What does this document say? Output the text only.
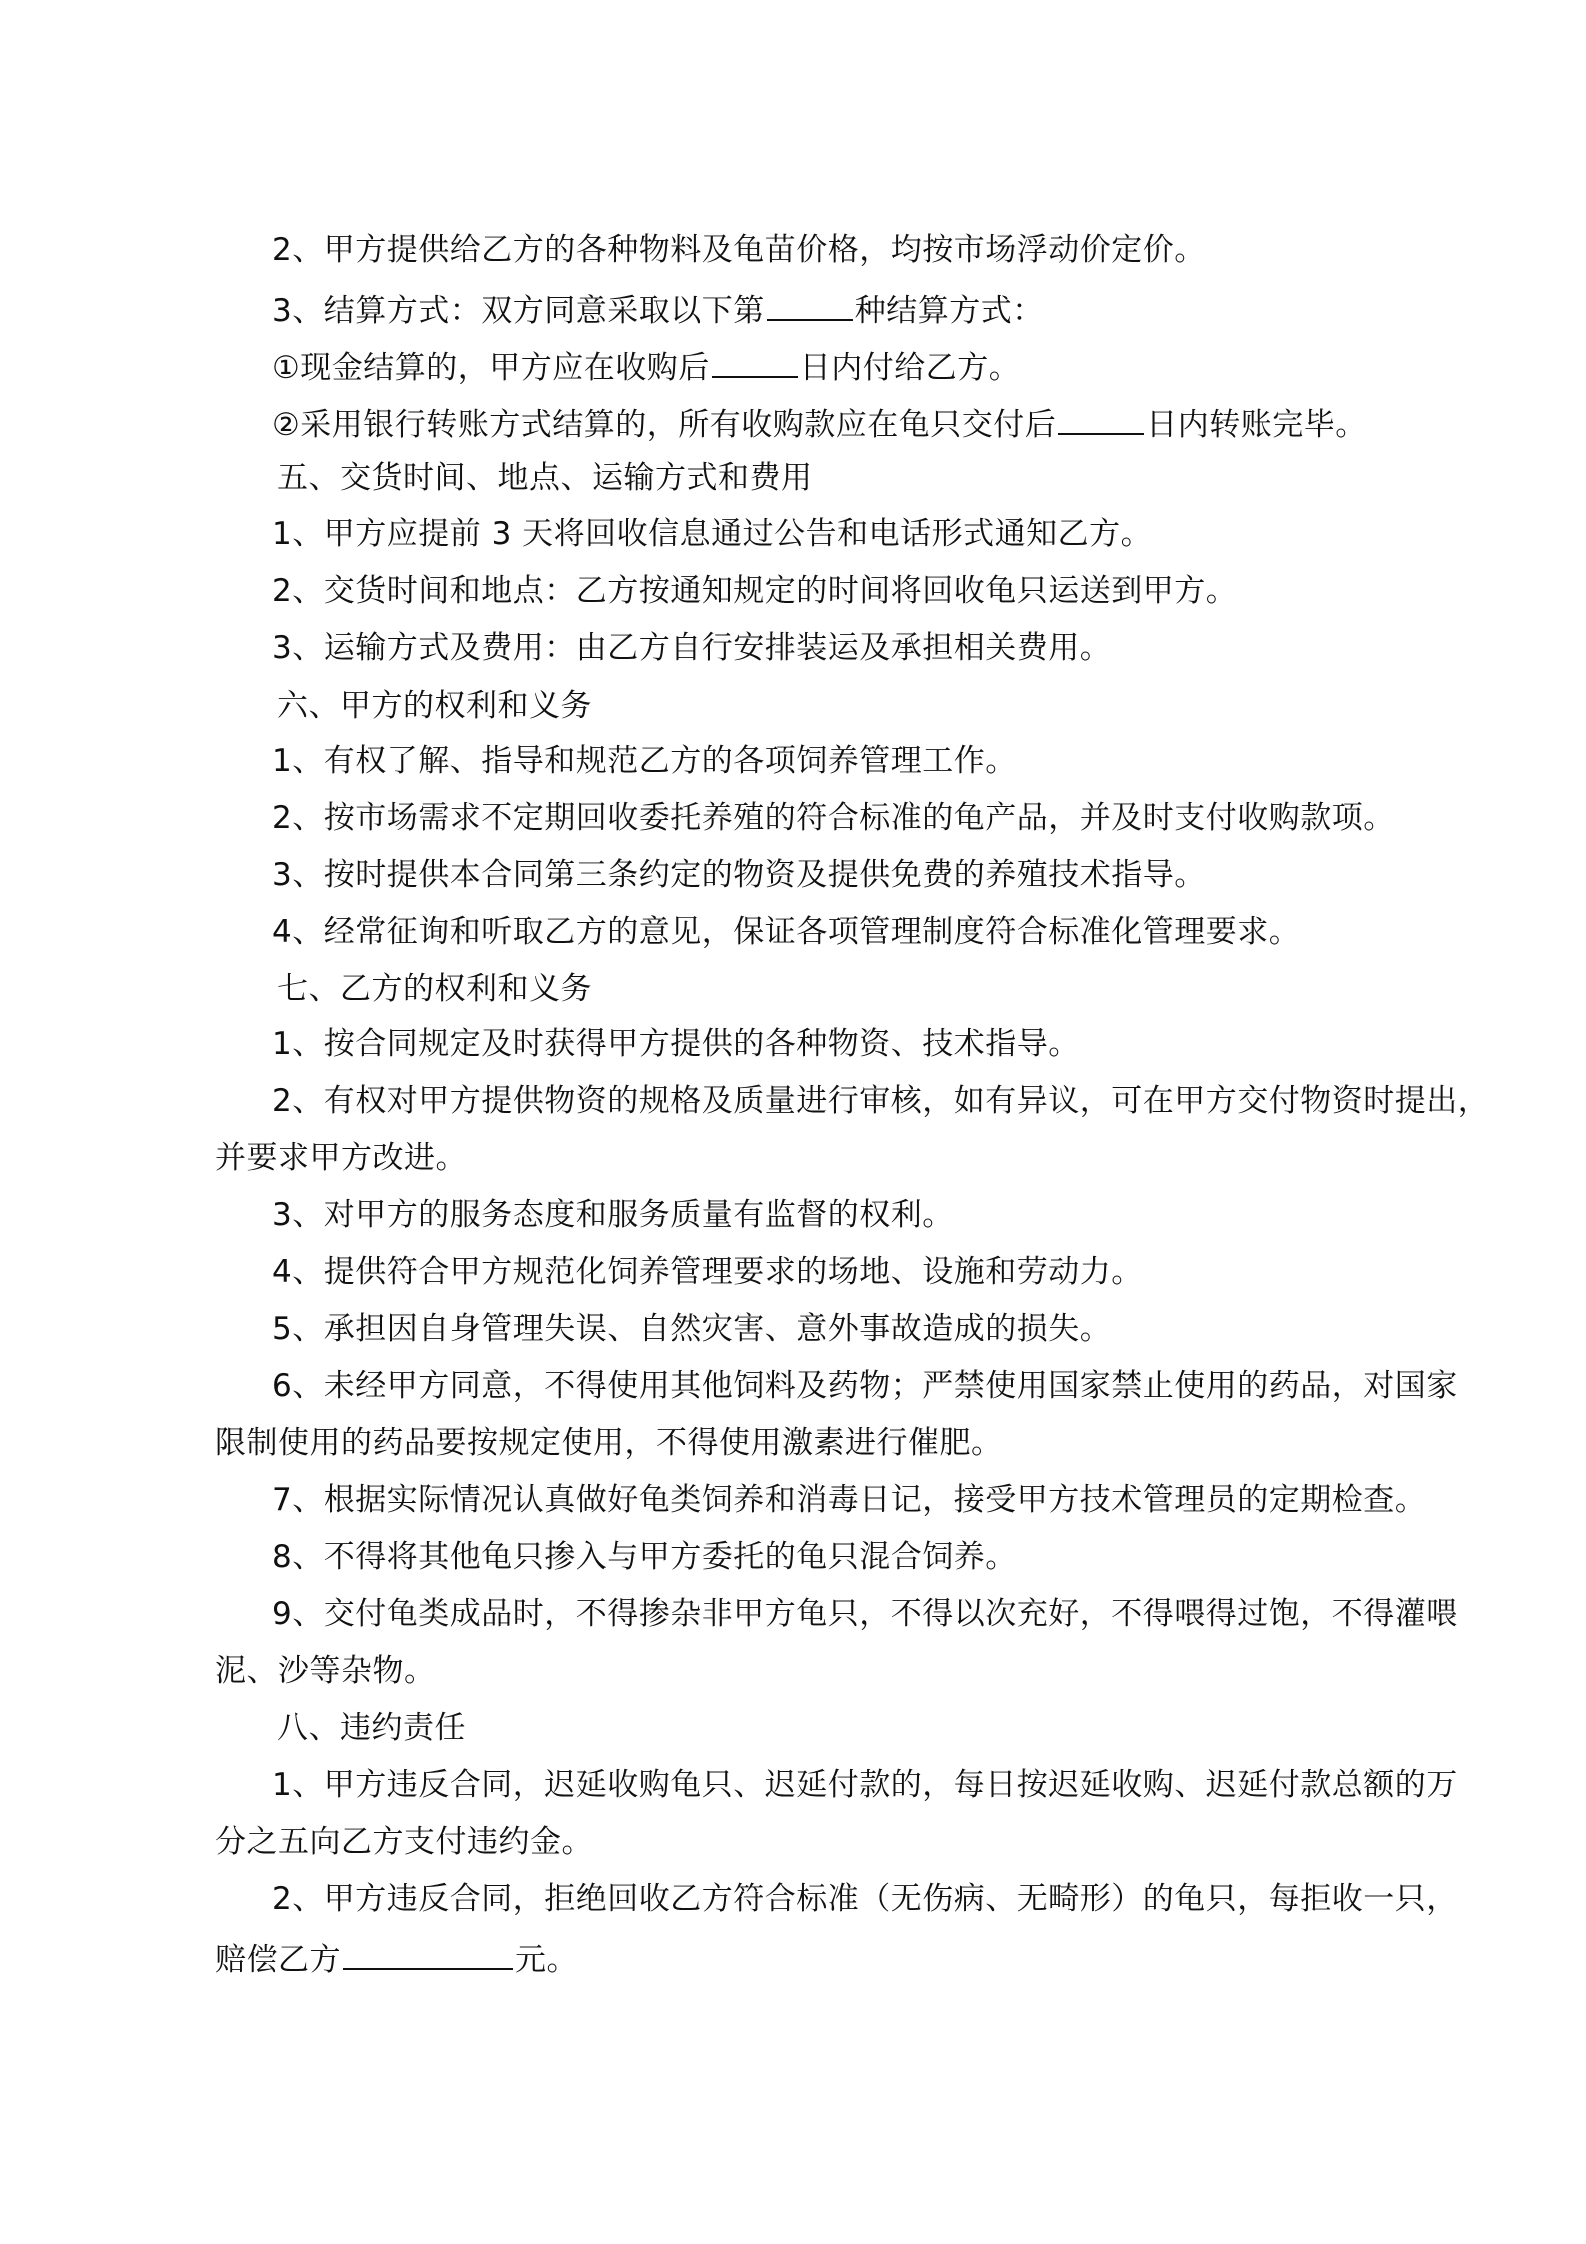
2、甲方提供给乙方的各种物料及龟苗价格，均按市场浮动价定价。
3、结算方式：双方同意采取以下第	种结算方式：
①现金结算的，甲方应在收购后	日内付给乙方。
②采用银行转账方式结算的，所有收购款应在龟只交付后	日内转账完毕。
五、交货时间、地点、运输方式和费用
1、甲方应提前 3 天将回收信息通过公告和电话形式通知乙方。
2、交货时间和地点：乙方按通知规定的时间将回收龟只运送到甲方。
3、运输方式及费用：由乙方自行安排装运及承担相关费用。
六、甲方的权利和义务
1、有权了解、指导和规范乙方的各项饲养管理工作。
2、按市场需求不定期回收委托养殖的符合标准的龟产品，并及时支付收购款项。
3、按时提供本合同第三条约定的物资及提供免费的养殖技术指导。
4、经常征询和听取乙方的意见，保证各项管理制度符合标准化管理要求。
七、乙方的权利和义务
1、按合同规定及时获得甲方提供的各种物资、技术指导。
2、有权对甲方提供物资的规格及质量进行审核，如有异议，可在甲方交付物资时提出，
并要求甲方改进。
3、对甲方的服务态度和服务质量有监督的权利。
4、提供符合甲方规范化饲养管理要求的场地、设施和劳动力。
5、承担因自身管理失误、自然灾害、意外事故造成的损失。
6、未经甲方同意，不得使用其他饲料及药物；严禁使用国家禁止使用的药品，对国家
限制使用的药品要按规定使用，不得使用激素进行催肥。
7、根据实际情况认真做好龟类饲养和消毒日记，接受甲方技术管理员的定期检查。
8、不得将其他龟只掺入与甲方委托的龟只混合饲养。
9、交付龟类成品时，不得掺杂非甲方龟只，不得以次充好，不得喂得过饱，不得灌喂
泥、沙等杂物。
八、违约责任
1、甲方违反合同，迟延收购龟只、迟延付款的，每日按迟延收购、迟延付款总额的万
分之五向乙方支付违约金。
2、甲方违反合同，拒绝回收乙方符合标准（无伤病、无畸形）的龟只，每拒收一只，
赔偿乙方	元。
